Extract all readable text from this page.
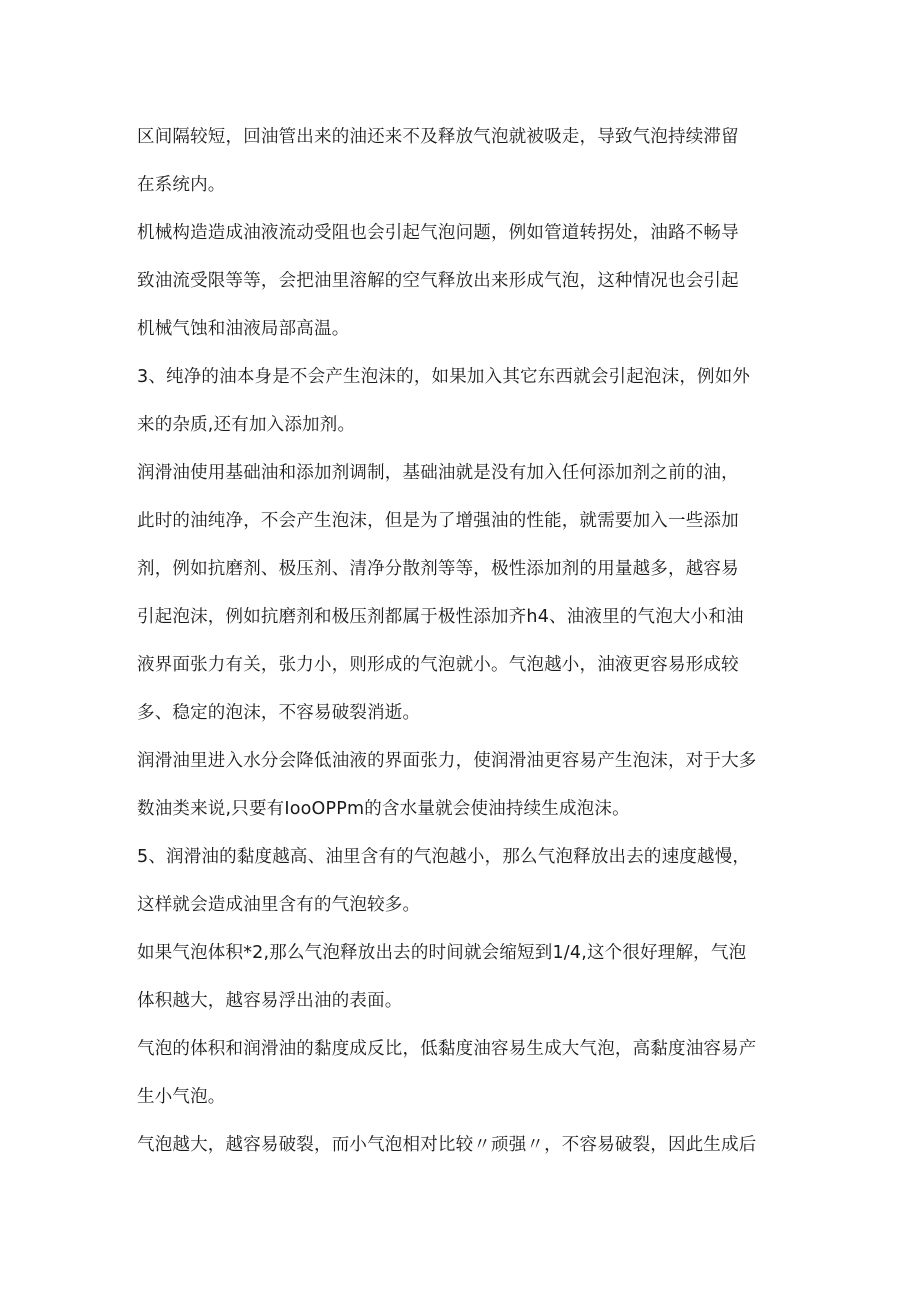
区间隔较短，回油管出来的油还来不及释放气泡就被吸走，导致气泡持续滞留
在系统内。
机械构造造成油液流动受阻也会引起气泡问题，例如管道转拐处，油路不畅导
致油流受限等等，会把油里溶解的空气释放出来形成气泡，这种情况也会引起
机械气蚀和油液局部高温。
3、纯净的油本身是不会产生泡沫的，如果加入其它东西就会引起泡沫，例如外
来的杂质,还有加入添加剂。
润滑油使用基础油和添加剂调制，基础油就是没有加入任何添加剂之前的油，
此时的油纯净，不会产生泡沫，但是为了增强油的性能，就需要加入一些添加
剂，例如抗磨剂、极压剂、清净分散剂等等，极性添加剂的用量越多，越容易
引起泡沫，例如抗磨剂和极压剂都属于极性添加齐h4、油液里的气泡大小和油
液界面张力有关，张力小，则形成的气泡就小。气泡越小，油液更容易形成较
多、稳定的泡沫，不容易破裂消逝。
润滑油里进入水分会降低油液的界面张力，使润滑油更容易产生泡沫，对于大多
数油类来说,只要有IooOPPm的含水量就会使油持续生成泡沫。
5、润滑油的黏度越高、油里含有的气泡越小，那么气泡释放出去的速度越慢，
这样就会造成油里含有的气泡较多。
如果气泡体积*2,那么气泡释放出去的时间就会缩短到1/4,这个很好理解，气泡
体积越大，越容易浮出油的表面。
气泡的体积和润滑油的黏度成反比，低黏度油容易生成大气泡，高黏度油容易产
生小气泡。
气泡越大，越容易破裂，而小气泡相对比较〃顽强〃，不容易破裂，因此生成后
